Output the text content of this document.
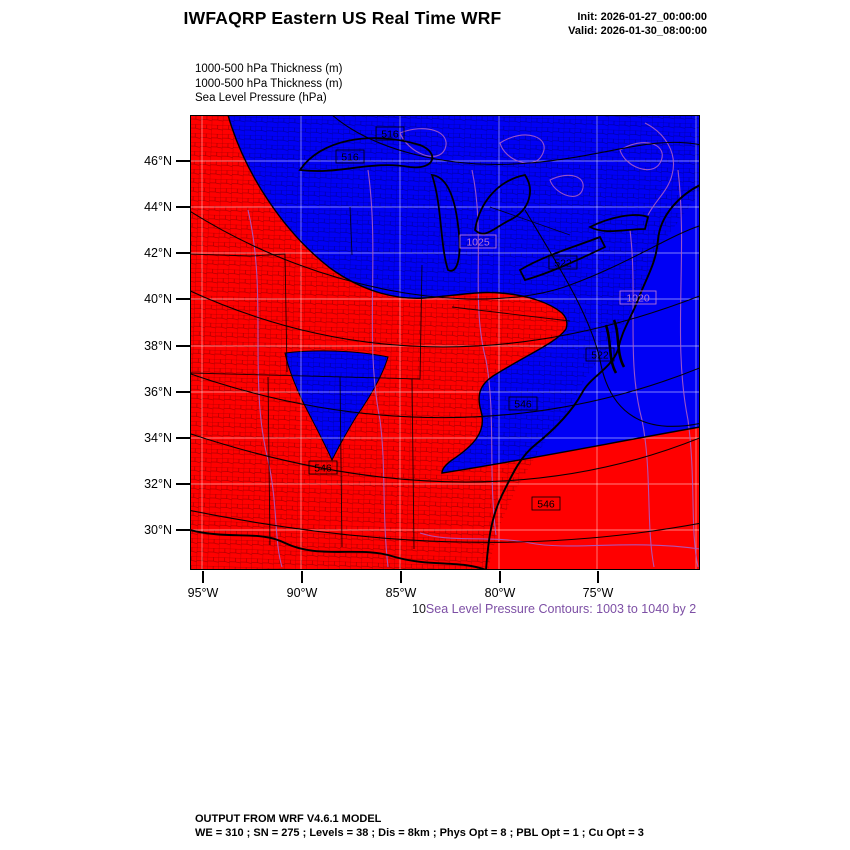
IWFAQRP Eastern US Real Time WRF	Init: 2026-01-27_00:00:00
Valid: 2026-01-30_08:00:00
1000-500 hPa Thickness (m)
1000-500 hPa Thickness (m)
Sea Level Pressure (hPa)
46°N
44°N
42°N
40°N
38°N
36°N
34°N
32°N
30°N
95°W	90°W	85°W	80°W	75°W
516
516
522
522
546
546
546
1025
1020
10Sea Level Pressure Contours: 1003 to 1040 by 2
OUTPUT FROM WRF V4.6.1 MODEL
WE = 310 ; SN = 275 ; Levels = 38 ; Dis = 8km ; Phys Opt = 8 ; PBL Opt = 1 ; Cu Opt = 3
